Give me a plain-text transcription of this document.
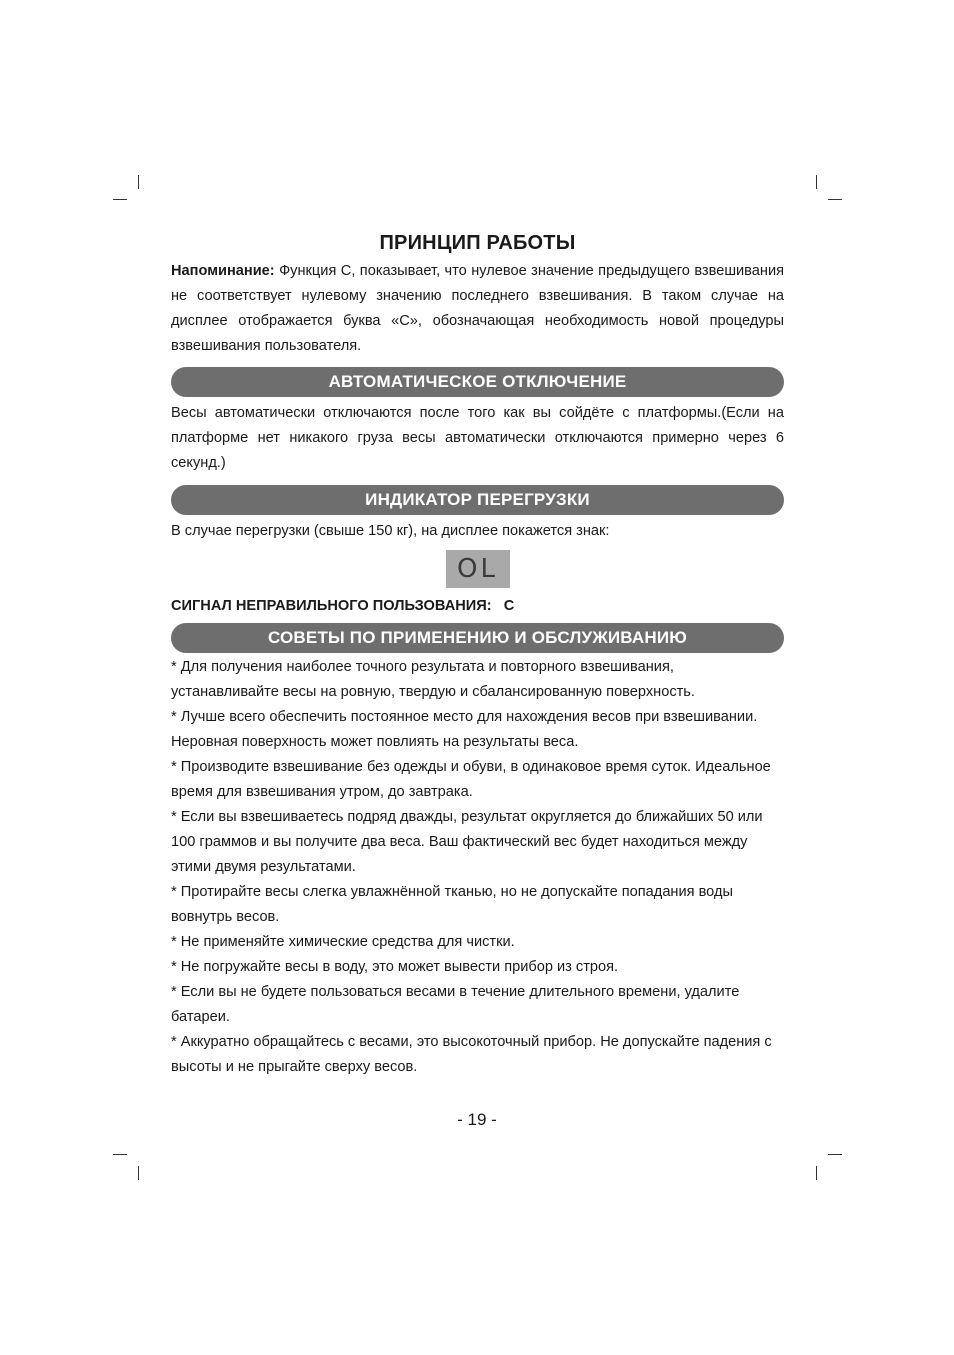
ПРИНЦИП РАБОТЫ

Напоминание: Функция С, показывает, что нулевое значение предыдущего взвешивания не соответствует нулевому значению последнего взвешивания. В таком случае на дисплее отображается буква «С», обозначающая необходимость новой процедуры взвешивания пользователя.

АВТОМАТИЧЕСКОЕ ОТКЛЮЧЕНИЕ

Весы автоматически отключаются после того как вы сойдёте с платформы.(Если на платформе нет никакого груза весы автоматически отключаются примерно через 6 секунд.)

ИНДИКАТОР ПЕРЕГРУЗКИ

В случае перегрузки (свыше 150 кг), на дисплее покажется знак:

OL

СИГНАЛ НЕПРАВИЛЬНОГО ПОЛЬЗОВАНИЯ:   С

СОВЕТЫ ПО ПРИМЕНЕНИЮ И ОБСЛУЖИВАНИЮ
* Для получения наиболее точного результата и повторного взвешивания, устанавливайте весы на ровную, твердую и сбалансированную поверхность.
* Лучше всего обеспечить постоянное место для нахождения весов при взвешивании. Неровная поверхность может повлиять на результаты веса.
* Производите взвешивание без одежды и обуви, в одинаковое время суток. Идеальное время для взвешивания утром, до завтрака.
* Если вы взвешиваетесь подряд дважды, результат округляется до ближайших 50 или 100 граммов и вы получите два веса. Ваш фактический вес будет находиться между этими двумя результатами.
* Протирайте весы слегка увлажнённой тканью, но не допускайте попадания воды вовнутрь весов.
* Не применяйте химические средства для чистки.
* Не погружайте весы в воду, это может вывести прибор из строя.
* Если вы не будете пользоваться весами в течение длительного времени, удалите батареи.
* Аккуратно обращайтесь с весами, это высокоточный прибор. Не допускайте падения с высоты и не прыгайте сверху весов.
- 19 -
